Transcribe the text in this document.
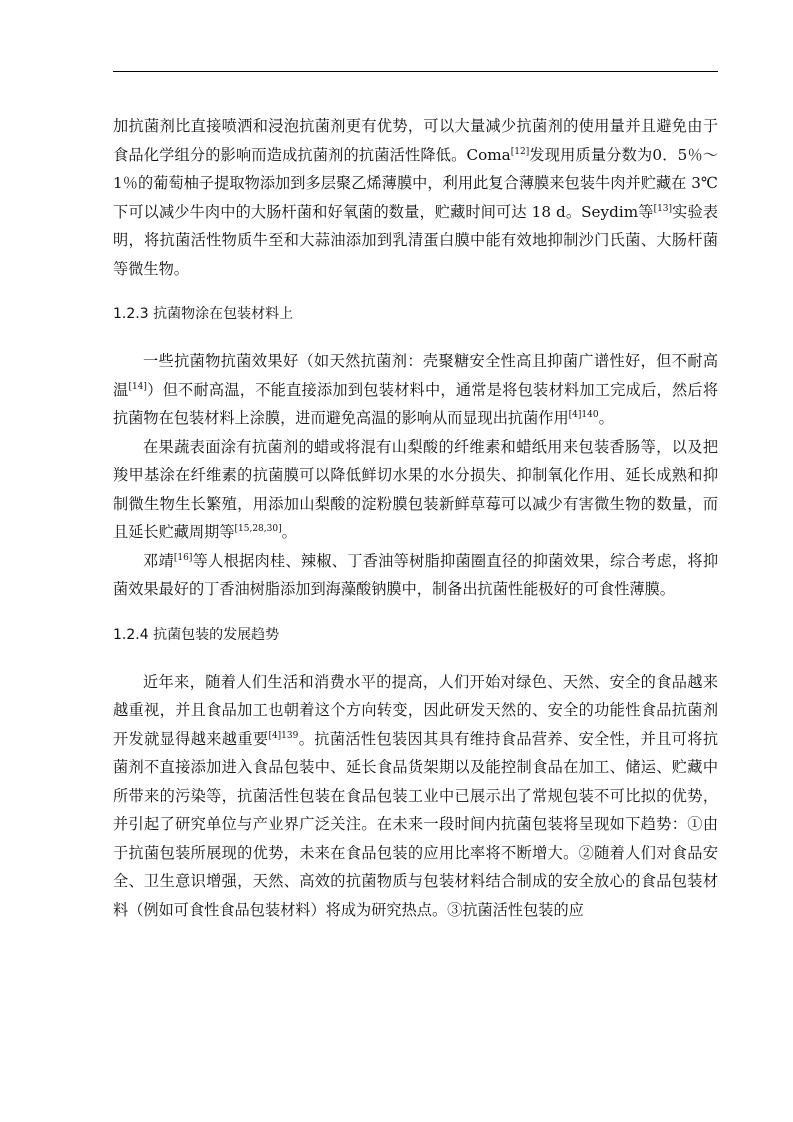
加抗菌剂比直接喷洒和浸泡抗菌剂更有优势，可以大量减少抗菌剂的使用量并且避免由于食品化学组分的影响而造成抗菌剂的抗菌活性降低。Coma[12]发现用质量分数为0．5％～1％的葡萄柚子提取物添加到多层聚乙烯薄膜中，利用此复合薄膜来包装牛肉并贮藏在 3℃下可以减少牛肉中的大肠杆菌和好氧菌的数量，贮藏时间可达 18 d。Seydim等[13]实验表明，将抗菌活性物质牛至和大蒜油添加到乳清蛋白膜中能有效地抑制沙门氏菌、大肠杆菌等微生物。

1.2.3 抗菌物涂在包装材料上

一些抗菌物抗菌效果好（如天然抗菌剂：壳聚糖安全性高且抑菌广谱性好，但不耐高温[14]）但不耐高温，不能直接添加到包装材料中，通常是将包装材料加工完成后，然后将抗菌物在包装材料上涂膜，进而避免高温的影响从而显现出抗菌作用$^{[4]140}$。

在果蔬表面涂有抗菌剂的蜡或将混有山梨酸的纤维素和蜡纸用来包装香肠等，以及把羧甲基涂在纤维素的抗菌膜可以降低鲜切水果的水分损失、抑制氧化作用、延长成熟和抑制微生物生长繁殖，用添加山梨酸的淀粉膜包装新鲜草莓可以减少有害微生物的数量，而且延长贮藏周期等[15,28,30]。

邓靖[16]等人根据肉桂、辣椒、丁香油等树脂抑菌圈直径的抑菌效果，综合考虑，将抑菌效果最好的丁香油树脂添加到海藻酸钠膜中，制备出抗菌性能极好的可食性薄膜。

1.2.4 抗菌包装的发展趋势

近年来，随着人们生活和消费水平的提高，人们开始对绿色、天然、安全的食品越来越重视，并且食品加工也朝着这个方向转变，因此研发天然的、安全的功能性食品抗菌剂开发就显得越来越重要$^{[4]139}$。抗菌活性包装因其具有维持食品营养、安全性，并且可将抗菌剂不直接添加进入食品包装中、延长食品货架期以及能控制食品在加工、储运、贮藏中所带来的污染等，抗菌活性包装在食品包装工业中已展示出了常规包装不可比拟的优势，并引起了研究单位与产业界广泛关注。在未来一段时间内抗菌包装将呈现如下趋势：①由于抗菌包装所展现的优势，未来在食品包装的应用比率将不断增大。②随着人们对食品安全、卫生意识增强，天然、高效的抗菌物质与包装材料结合制成的安全放心的食品包装材料（例如可食性食品包装材料）将成为研究热点。③抗菌活性包装的应
